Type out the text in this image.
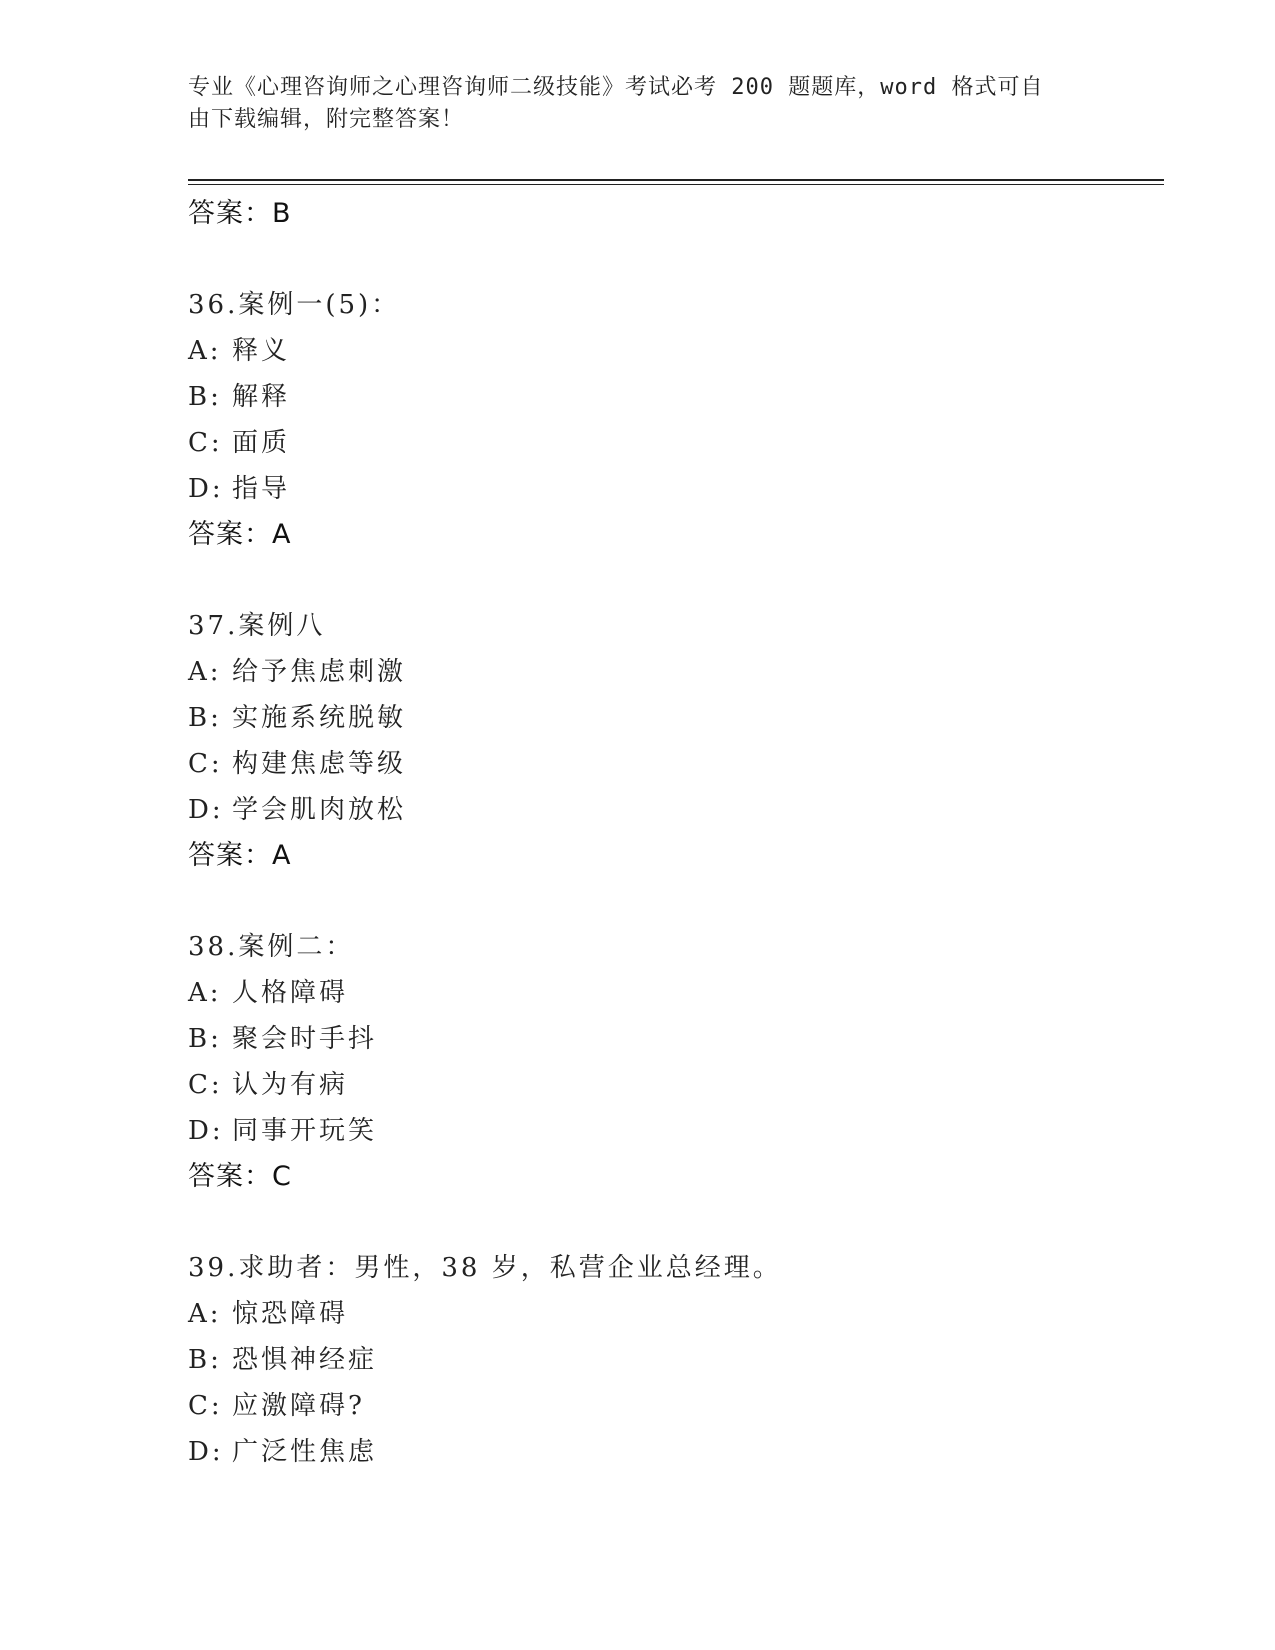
专业《心理咨询师之心理咨询师二级技能》考试必考 200 题题库，word 格式可自
由下载编辑，附完整答案！
答案：B
36.案例一(5)：
A: 释义
B: 解释
C: 面质
D: 指导
答案：A
37.案例八
A: 给予焦虑刺激
B: 实施系统脱敏
C: 构建焦虑等级
D: 学会肌肉放松
答案：A
38.案例二：
A: 人格障碍
B: 聚会时手抖
C: 认为有病
D: 同事开玩笑
答案：C
39.求助者：男性，38 岁，私营企业总经理。
A: 惊恐障碍
B: 恐惧神经症
C: 应激障碍?
D: 广泛性焦虑
